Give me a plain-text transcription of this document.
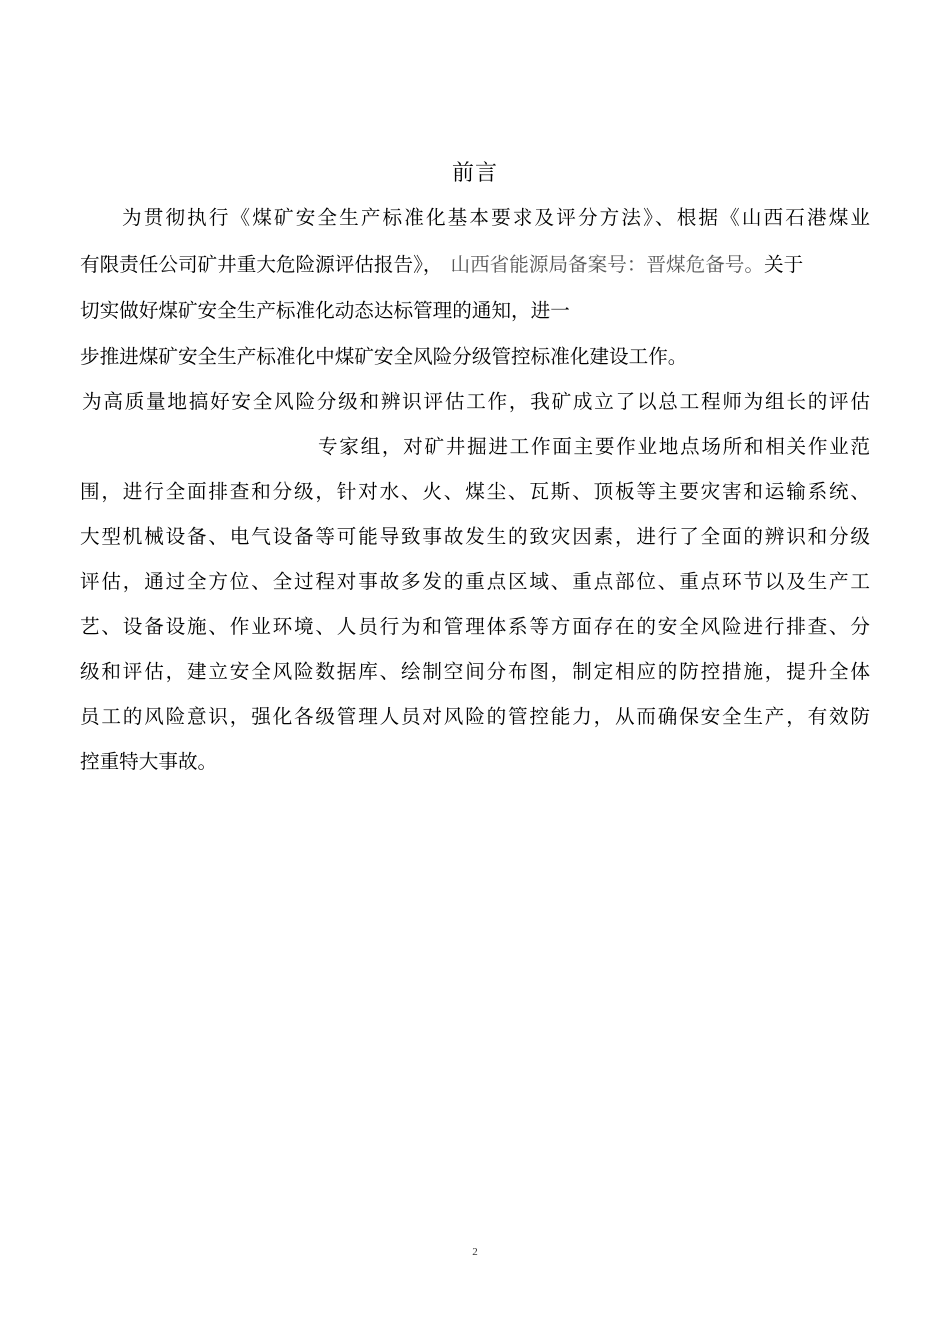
前言
为贯彻执行《煤矿安全生产标准化基本要求及评分方法》、根据《山西石港煤业
有限责任公司矿井重大危险源评估报告》， 山西省能源局备案号：晋煤危备号。关于
切实做好煤矿安全生产标准化动态达标管理的通知，进一
步推进煤矿安全生产标准化中煤矿安全风险分级管控标准化建设工作。
为高质量地搞好安全风险分级和辨识评估工作，我矿成立了以总工程师为组长的评估
专家组，对矿井掘进工作面主要作业地点场所和相关作业范
围，进行全面排查和分级，针对水、火、煤尘、瓦斯、顶板等主要灾害和运输系统、
大型机械设备、电气设备等可能导致事故发生的致灾因素，进行了全面的辨识和分级
评估，通过全方位、全过程对事故多发的重点区域、重点部位、重点环节以及生产工
艺、设备设施、作业环境、人员行为和管理体系等方面存在的安全风险进行排查、分
级和评估，建立安全风险数据库、绘制空间分布图，制定相应的防控措施，提升全体
员工的风险意识，强化各级管理人员对风险的管控能力，从而确保安全生产，有效防
控重特大事故。
2
